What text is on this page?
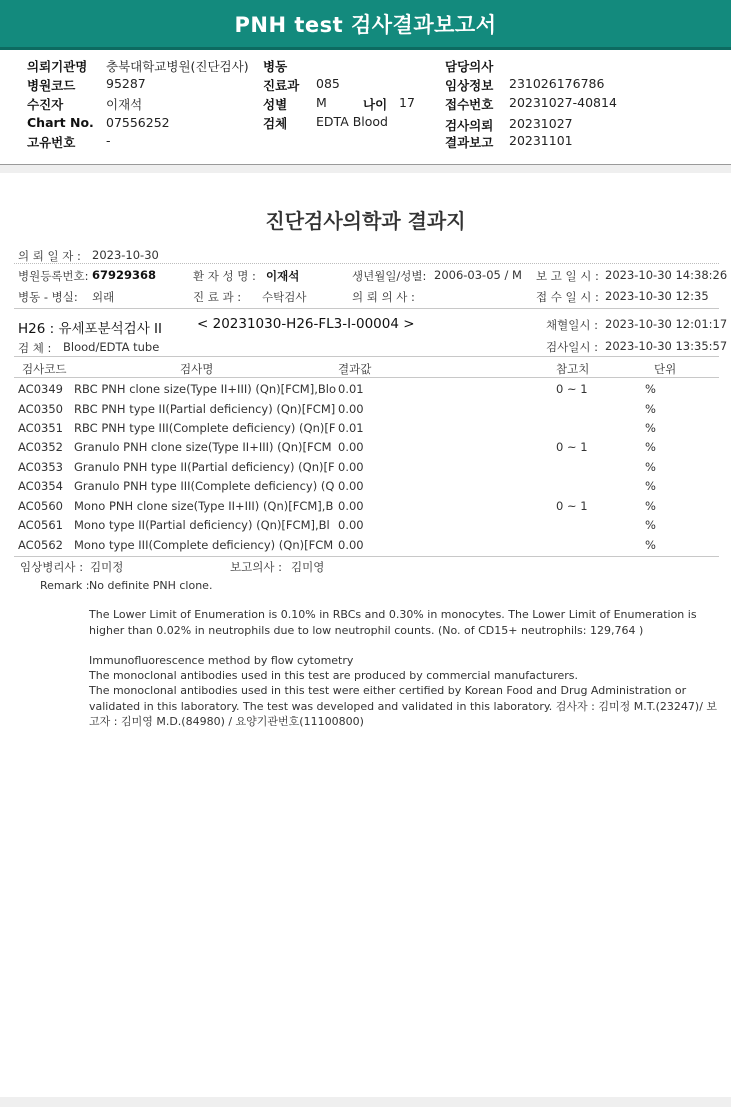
PNH test 검사결과보고서
의뢰기관명 충북대학교병원(진단검사)
병원코드 95287
수진자	이재석
Chart No. 07556252
고유번호 -
병동
진료과 085
성별 M	나이 17
검체 EDTA Blood
담당의사
임상정보 231026176786
접수번호 20231027-40814
검사의뢰 20231027
결과보고 20231101
진단검사의학과 결과지
의 뢰 일 자 : 2023-10-30
병원등록번호: 67929368	환 자 성 명 : 이재석	생년월일/성별: 2006-03-05 / M 보 고 일 시 : 2023-10-30 14:38:26
병동 - 병실: 외래	진 료 과 : 수탁검사	의 뢰 의 사 :	접 수 일 시 : 2023-10-30 12:35
H26 : 유세포분석검사 II	< 20231030-H26-FL3-I-00004 >	채혈일시 : 2023-10-30 12:01:17
검 체 : Blood/EDTA tube	검사일시 : 2023-10-30 13:35:57
검사코드	검사명	결과값	참고치	단위
AC0349 RBC PNH clone size(Type II+III) (Qn)[FCM],Blo 0.01	0 ~ 1	%
AC0350 RBC PNH type II(Partial deficiency) (Qn)[FCM] 0.00	%
AC0351 RBC PNH type III(Complete deficiency) (Qn)[F 0.01	%
AC0352 Granulo PNH clone size(Type II+III) (Qn)[FCM 0.00	0 ~ 1	%
AC0353 Granulo PNH type II(Partial deficiency) (Qn)[F 0.00	%
AC0354 Granulo PNH type III(Complete deficiency) (Q 0.00	%
AC0560 Mono PNH clone size(Type II+III) (Qn)[FCM],B 0.00	0 ~ 1	%
AC0561 Mono type II(Partial deficiency) (Qn)[FCM],Bl 0.00	%
AC0562 Mono type III(Complete deficiency) (Qn)[FCM 0.00	%
임상병리사 : 김미정	보고의사 : 김미영
Remark : No definite PNH clone.
The Lower Limit of Enumeration is 0.10% in RBCs and 0.30% in monocytes. The Lower Limit of Enumeration is higher than 0.02% in neutrophils due to low neutrophil counts. (No. of CD15+ neutrophils: 129,764 )
Immunofluorescence method by flow cytometry
The monoclonal antibodies used in this test are produced by commercial manufacturers.
The monoclonal antibodies used in this test were either certified by Korean Food and Drug Administration or validated in this laboratory. The test was developed and validated in this laboratory. 검사자 : 김미정 M.T.(23247)/ 보고자 : 김미영 M.D.(84980) / 요양기관번호(11100800)
